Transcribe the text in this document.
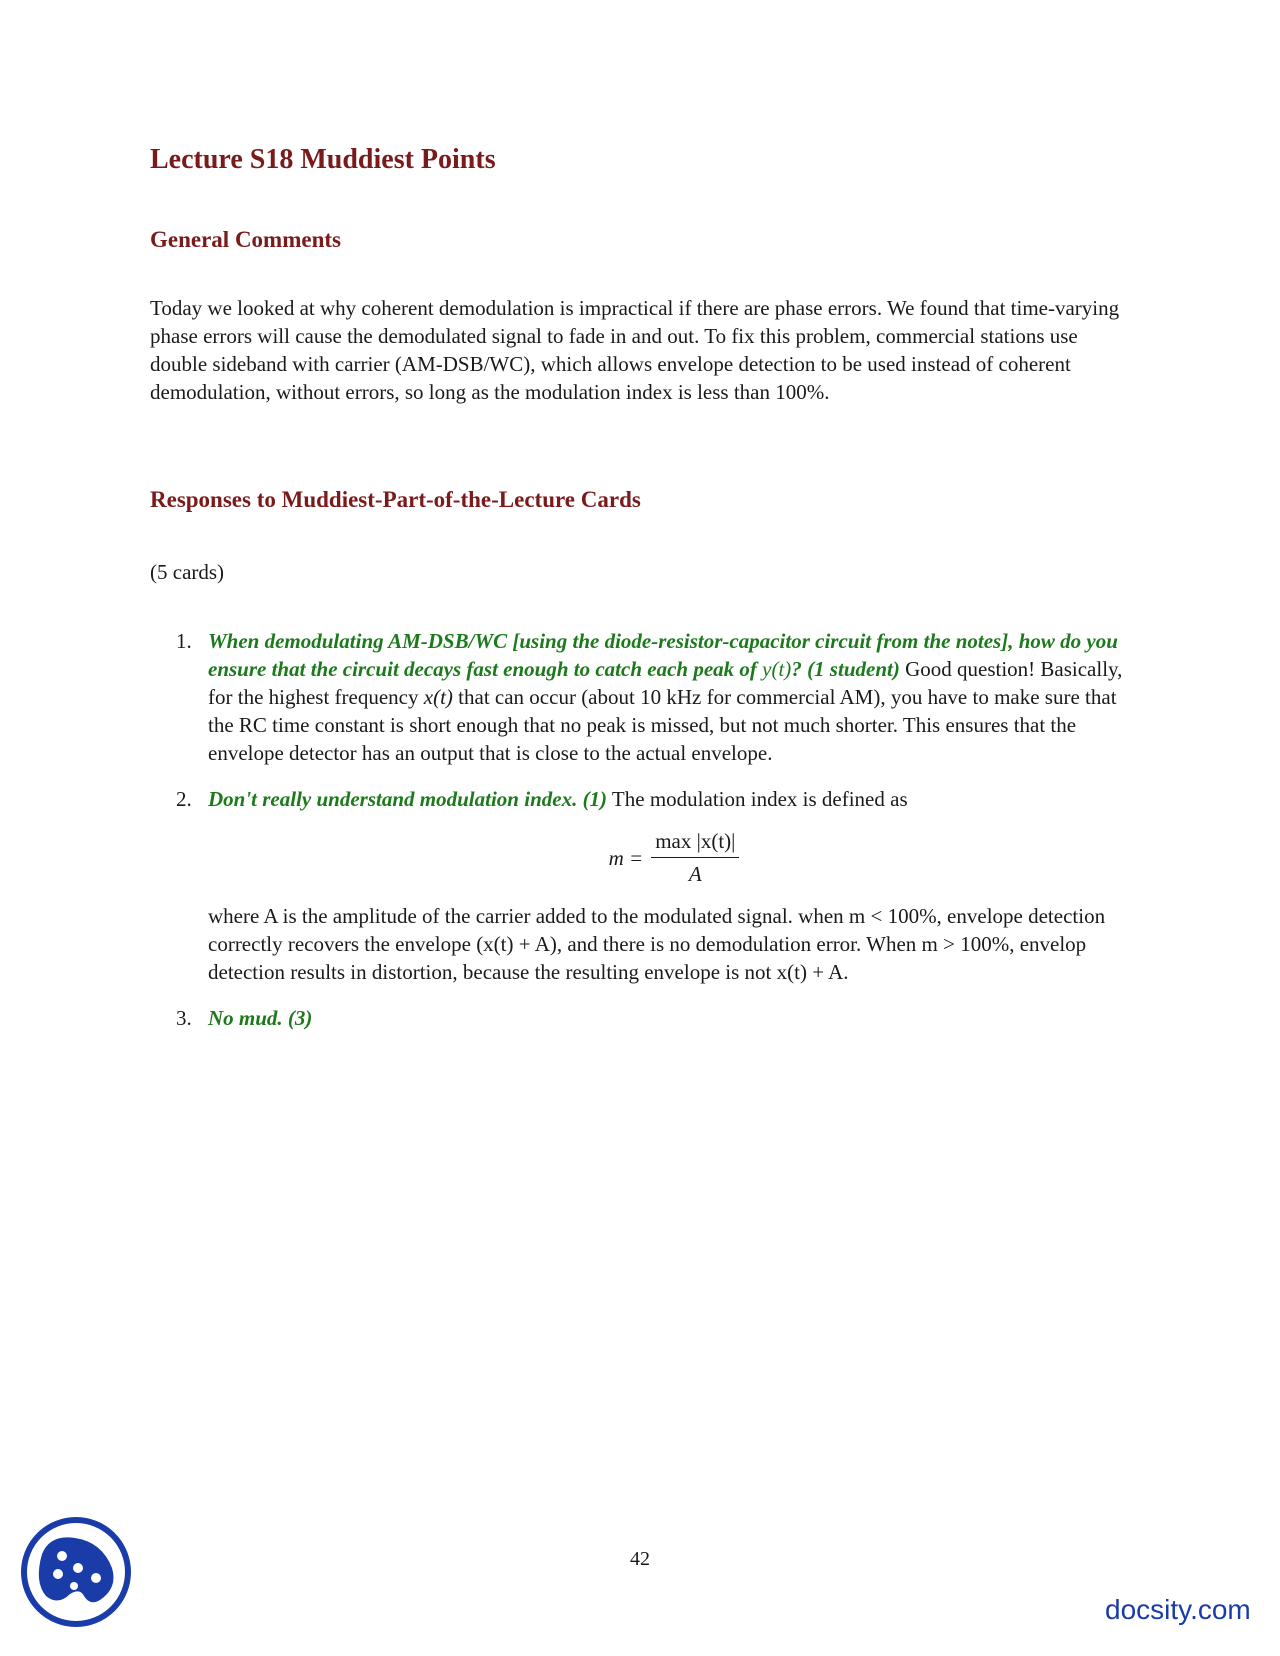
Lecture S18 Muddiest Points
General Comments

Today we looked at why coherent demodulation is impractical if there are phase errors. We found that time-varying phase errors will cause the demodulated signal to fade in and out. To fix this problem, commercial stations use double sideband with carrier (AM-DSB/WC), which allows envelope detection to be used instead of coherent demodulation, without errors, so long as the modulation index is less than 100%.

Responses to Muddiest-Part-of-the-Lecture Cards

(5 cards)

1. When demodulating AM-DSB/WC [using the diode-resistor-capacitor circuit from the notes], how do you ensure that the circuit decays fast enough to catch each peak of y(t)? (1 student) Good question! Basically, for the highest frequency x(t) that can occur (about 10 kHz for commercial AM), you have to make sure that the RC time constant is short enough that no peak is missed, but not much shorter. This ensures that the envelope detector has an output that is close to the actual envelope.
2. Don't really understand modulation index. (1) The modulation index is defined as
$m = \frac{\max |x(t)|}{A}$
where A is the amplitude of the carrier added to the modulated signal. when m < 100%, envelope detection correctly recovers the envelope (x(t) + A), and there is no demodulation error. When m > 100%, envelop detection results in distortion, because the resulting envelope is not x(t) + A.
3. No mud. (3)
42
docsity.com
